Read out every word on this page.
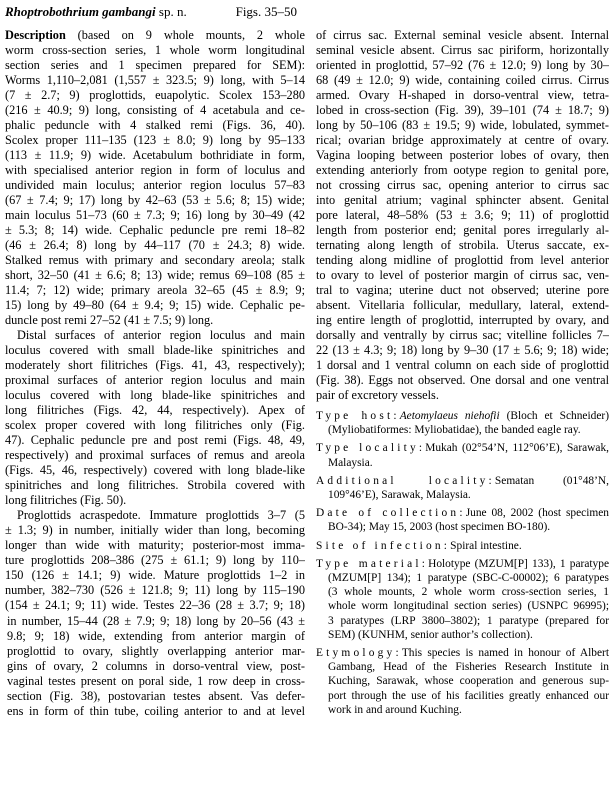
Rhoptrobothrium gambangi sp. n.	Figs. 35–50
Description (based on 9 whole mounts, 2 whole
worm cross-section series, 1 whole worm longitudinal
section series and 1 specimen prepared for SEM):
Worms 1,110–2,081 (1,557 ± 323.5; 9) long, with 5–14
(7 ± 2.7; 9) proglottids, euapolytic. Scolex 153–280
(216 ± 40.9; 9) long, consisting of 4 acetabula and ce-
phalic peduncle with 4 stalked remi (Figs. 36, 40).
Scolex proper 111–135 (123 ± 8.0; 9) long by 95–133
(113 ± 11.9; 9) wide. Acetabulum bothridiate in form,
with specialised anterior region in form of loculus and
undivided main loculus; anterior region loculus 57–83
(67 ± 7.4; 9; 17) long by 42–63 (53 ± 5.6; 8; 15) wide;
main loculus 51–73 (60 ± 7.3; 9; 16) long by 30–49 (42
± 5.3; 8; 14) wide. Cephalic peduncle pre remi 18–82
(46 ± 26.4; 8) long by 44–117 (70 ± 24.3; 8) wide.
Stalked remus with primary and secondary areola; stalk
short, 32–50 (41 ± 6.6; 8; 13) wide; remus 69–108 (85 ±
11.4; 7; 12) wide; primary areola 32–65 (45 ± 8.9; 9;
15) long by 49–80 (64 ± 9.4; 9; 15) wide. Cephalic pe-
duncle post remi 27–52 (41 ± 7.5; 9) long.
Distal surfaces of anterior region loculus and main
loculus covered with small blade-like spinitriches and
moderately short filitriches (Figs. 41, 43, respectively);
proximal surfaces of anterior region loculus and main
loculus covered with long blade-like spinitriches and
long filitriches (Figs. 42, 44, respectively). Apex of
scolex proper covered with long filitriches only (Fig.
47). Cephalic peduncle pre and post remi (Figs. 48, 49,
respectively) and proximal surfaces of remus and areola
(Figs. 45, 46, respectively) covered with long blade-like
spinitriches and long filitriches. Strobila covered with
long filitriches (Fig. 50).
Proglottids acraspedote. Immature proglottids 3–7 (5
± 1.3; 9) in number, initially wider than long, becoming
longer than wide with maturity; posterior-most imma-
ture proglottids 208–386 (275 ± 61.1; 9) long by 110–
150 (126 ± 14.1; 9) wide. Mature proglottids 1–2 in
number, 382–730 (526 ± 121.8; 9; 11) long by 115–190
(154 ± 24.1; 9; 11) wide. Testes 22–36 (28 ± 3.7; 9; 18)
in number, 15–44 (28 ± 7.9; 9; 18) long by 20–56 (43 ±
9.8; 9; 18) wide, extending from anterior margin of
proglottid to ovary, slightly overlapping anterior mar-
gins of ovary, 2 columns in dorso-ventral view, post-
vaginal testes present on poral side, 1 row deep in cross-
section (Fig. 38), postovarian testes absent. Vas defer-
ens in form of thin tube, coiling anterior to and at level
of cirrus sac. External seminal vesicle absent. Internal
seminal vesicle absent. Cirrus sac piriform, horizontally
oriented in proglottid, 57–92 (76 ± 12.0; 9) long by 30–
68 (49 ± 12.0; 9) wide, containing coiled cirrus. Cirrus
armed. Ovary H-shaped in dorso-ventral view, tetra-
lobed in cross-section (Fig. 39), 39–101 (74 ± 18.7; 9)
long by 50–106 (83 ± 19.5; 9) wide, lobulated, symmet-
rical; ovarian bridge approximately at centre of ovary.
Vagina looping between posterior lobes of ovary, then
extending anteriorly from ootype region to genital pore,
not crossing cirrus sac, opening anterior to cirrus sac
into genital atrium; vaginal sphincter absent. Genital
pore lateral, 48–58% (53 ± 3.6; 9; 11) of proglottid
length from posterior end; genital pores irregularly al-
ternating along length of strobila. Uterus saccate, ex-
tending along midline of proglottid from level anterior
to ovary to level of posterior margin of cirrus sac, ven-
tral to vagina; uterine duct not observed; uterine pore
absent. Vitellaria follicular, medullary, lateral, extend-
ing entire length of proglottid, interrupted by ovary, and
dorsally and ventrally by cirrus sac; vitelline follicles 7–
22 (13 ± 4.3; 9; 18) long by 9–30 (17 ± 5.6; 9; 18) wide;
1 dorsal and 1 ventral column on each side of proglottid
(Fig. 38). Eggs not observed. One dorsal and one ventral
pair of excretory vessels.
Type host:Aetomylaeus niehofii (Bloch et Schneider)
(Myliobatiformes: Myliobatidae), the banded eagle ray.
Type locality:Mukah (02°54’N, 112°06’E), Sarawak,
Malaysia.
Additional locality:Sematan (01°48’N,
109°46’E), Sarawak, Malaysia.
Date of collection:June 08, 2002 (host specimen
BO-34); May 15, 2003 (host specimen BO-180).
Site of infection:Spiral intestine.
Type material:Holotype (MZUM[P] 133), 1 paratype
(MZUM[P] 134); 1 paratype (SBC-C-00002); 6 paratypes
(3 whole mounts, 2 whole worm cross-section series, 1
whole worm longitudinal section series) (USNPC 96995);
3 paratypes (LRP 3800–3802); 1 paratype (prepared for
SEM) (KUNHM, senior author’s collection).
Etymology:This species is named in honour of Albert
Gambang, Head of the Fisheries Research Institute in
Kuching, Sarawak, whose cooperation and generous sup-
port through the use of his facilities greatly enhanced our
work in and around Kuching.
